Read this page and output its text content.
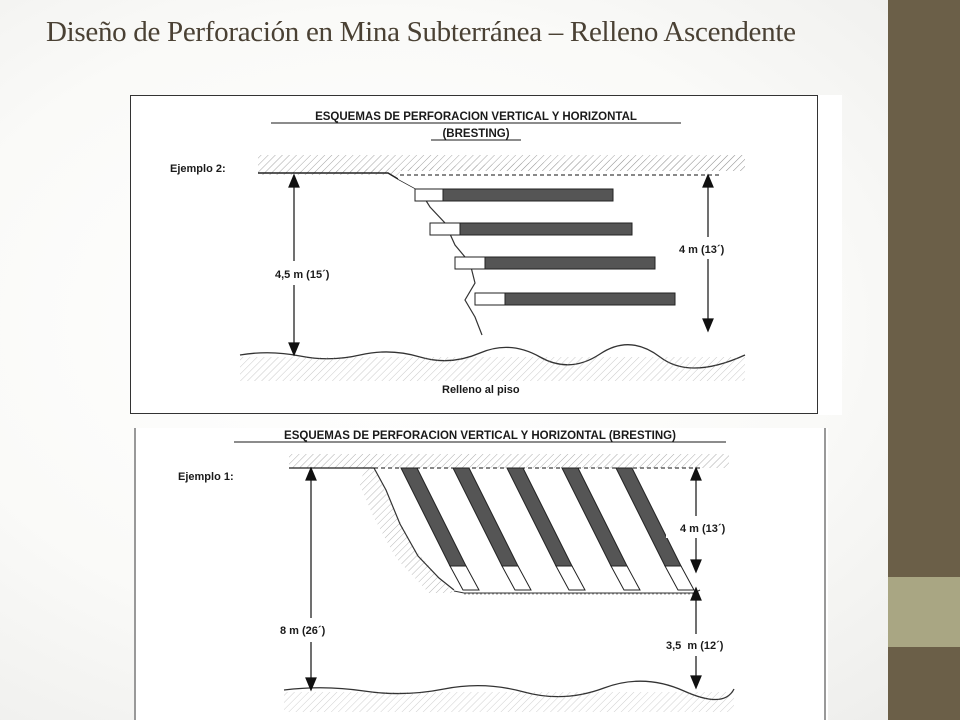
Diseño de Perforación en Mina Subterránea – Relleno Ascendente
ESQUEMAS DE PERFORACION VERTICAL Y HORIZONTAL
(BRESTING)
Ejemplo 2:
4,5 m (15´)
4 m (13´)
Relleno al piso
ESQUEMAS DE PERFORACION VERTICAL Y HORIZONTAL (BRESTING)
Ejemplo 1:
8 m (26´)
4 m (13´)
3,5  m (12´)
